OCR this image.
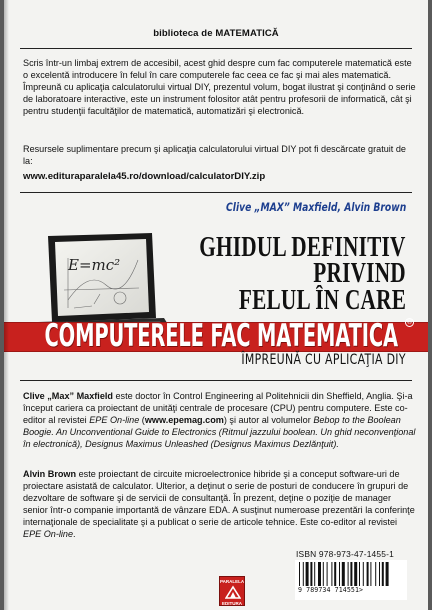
biblioteca de MATEMATICĂ

Scris într-un limbaj extrem de accesibil, acest ghid despre cum fac computerele matematică este o excelentă introducere în felul în care computerele fac ceea ce fac şi mai ales matematică. Împreună cu aplicaţia calculatorului virtual DIY, prezentul volum, bogat ilustrat şi conţinând o serie de laboratoare interactive, este un instrument folositor atât pentru profesorii de informatică, cât şi pentru studenţii facultăţilor de matematică, automatizări şi electronică.

Resursele suplimentare precum şi aplicaţia calculatorului virtual DIY pot fi descărcate gratuit de la:

www.edituraparalela45.ro/download/calculatorDIY.zip
E=mc²
Clive „MAX” Maxfield, Alvin Brown
GHIDUL DEFINITIV
PRIVIND
FELUL ÎN CARE
COMPUTERELE FAC MATEMATICA	®
ÎMPREUNĂ CU APLICAŢIA DIY

Clive „Max” Maxfield este doctor în Control Engineering al Politehnicii din Sheffield, Anglia. Şi-a început cariera ca proiectant de unităţi centrale de procesare (CPU) pentru computere. Este co-editor al revistei EPE On-line (www.epemag.com) şi autor al volumelor Bebop to the Boolean Boogie. An Unconventional Guide to Electronics (Ritmul jazzului boolean. Un ghid neconvenţional în electronică), Designus Maximus Unleashed (Designus Maximus Dezlănţuit).

Alvin Brown este proiectant de circuite microelectronice hibride şi a conceput software-uri de proiectare asistată de calculator. Ulterior, a deţinut o serie de posturi de conducere în grupuri de dezvoltare de software şi de servicii de consultanţă. În prezent, deţine o poziţie de manager senior într-o companie importantă de vânzare EDA. A susţinut numeroase prezentări la conferinţe internaţionale de specialitate şi a publicat o serie de articole tehnice. Este co-editor al revistei EPE On-line.

PARALELA
EDITURA
ISBN 978-973-47-1455-1
9 789734 714551>
